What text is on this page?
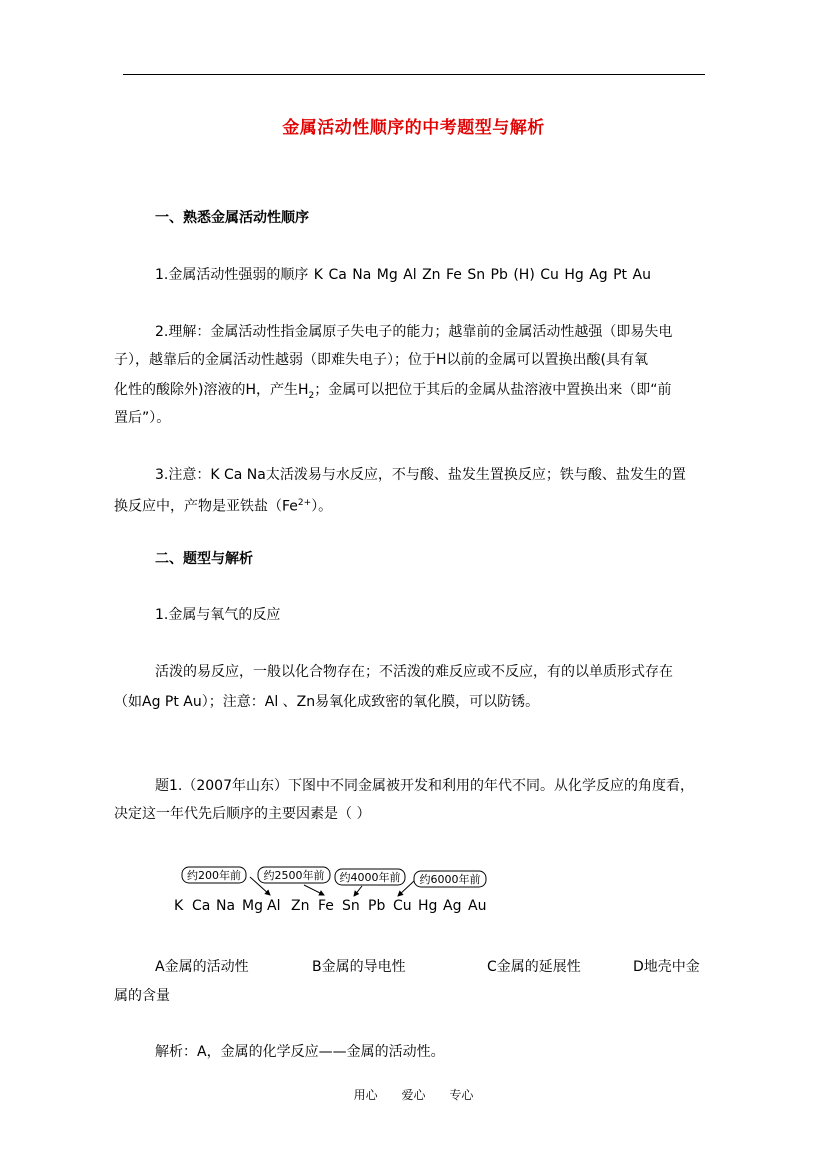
金属活动性顺序的中考题型与解析
一、熟悉金属活动性顺序
1.金属活动性强弱的顺序 K Ca Na Mg Al Zn Fe Sn Pb (H) Cu Hg Ag Pt Au
2.理解：金属活动性指金属原子失电子的能力；越靠前的金属活动性越强（即易失电
子），越靠后的金属活动性越弱（即难失电子）；位于H以前的金属可以置换出酸(具有氧
化性的酸除外)溶液的H，产生$H_2$；金属可以把位于其后的金属从盐溶液中置换出来（即“前
置后”）。
3.注意：K Ca Na太活泼易与水反应，不与酸、盐发生置换反应；铁与酸、盐发生的置
换反应中，产物是亚铁盐$(Fe^{2+})$。
二、题型与解析
1.金属与氧气的反应
活泼的易反应，一般以化合物存在；不活泼的难反应或不反应，有的以单质形式存在
（如Ag Pt Au）；注意：Al 、Zn易氧化成致密的氧化膜，可以防锈。
题1.（2007年山东）下图中不同金属被开发和利用的年代不同。从化学反应的角度看，
决定这一年代先后顺序的主要因素是（ ）
约200年前 约2500年前 约4000年前 约6000年前
K Ca Na Mg Al Zn Fe Sn Pb Cu Hg Ag Au
A金属的活动性	B金属的导电性	C金属的延展性	D地壳中金
属的含量
解析：A，金属的化学反应——金属的活动性。
用心 爱心 专心
